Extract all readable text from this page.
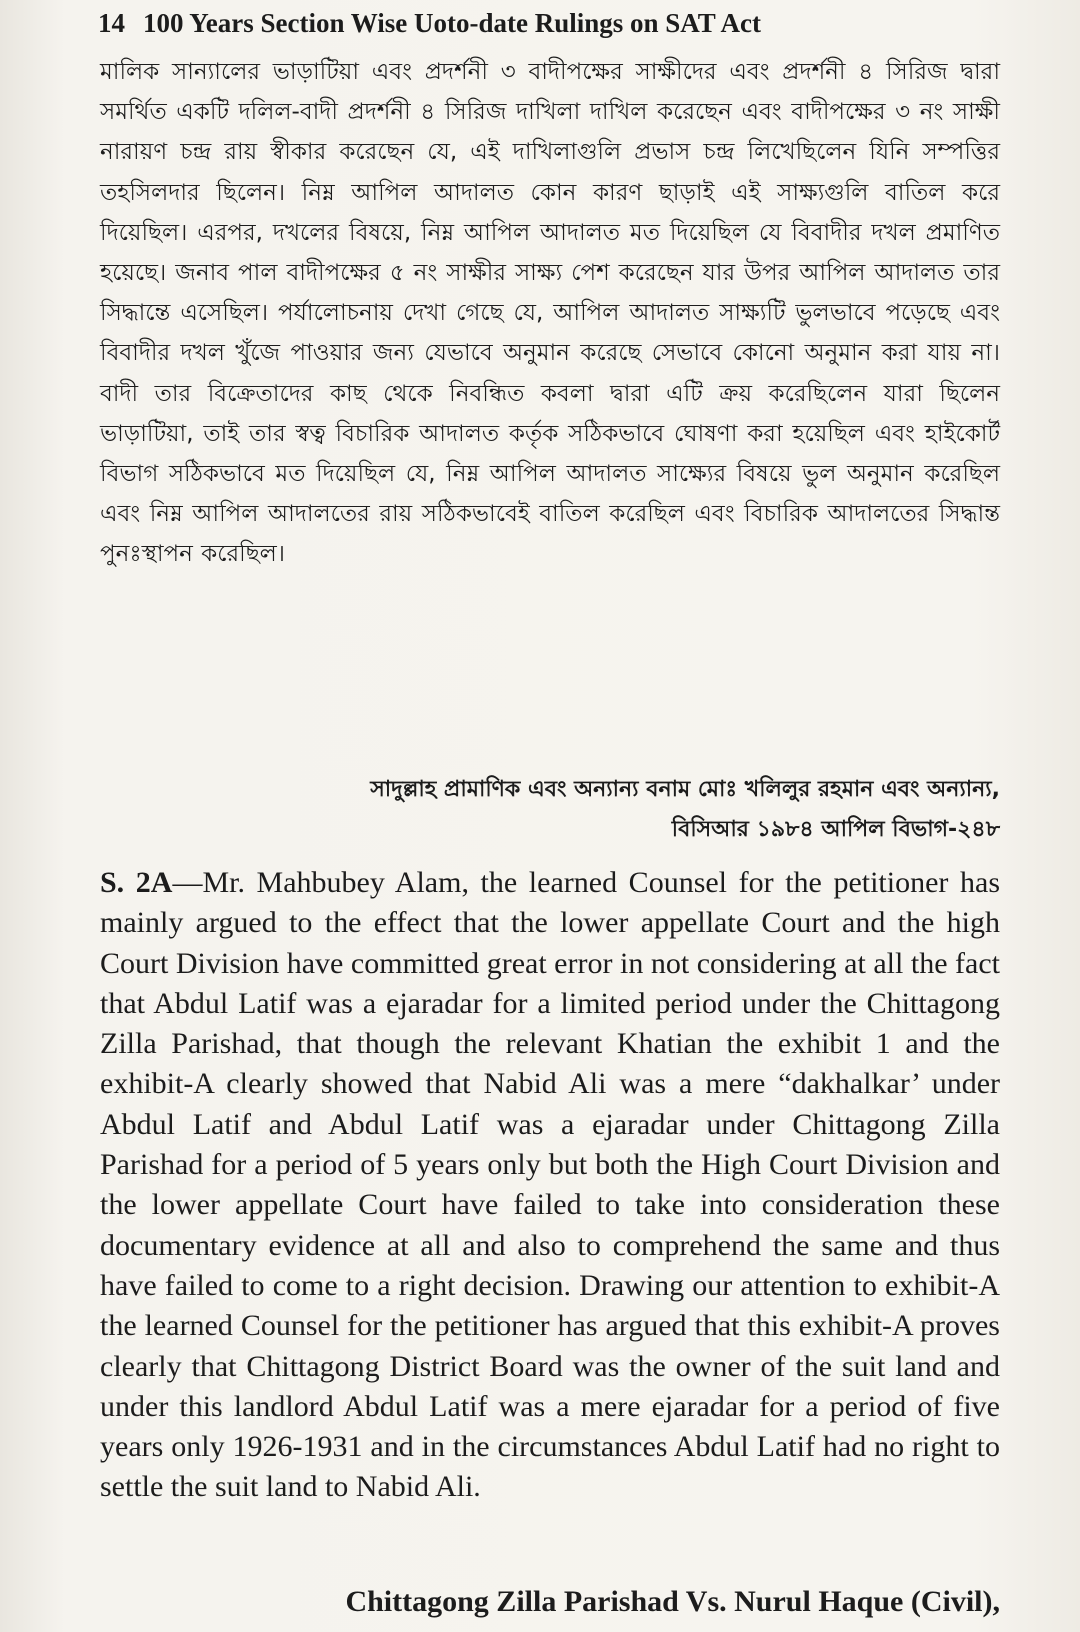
14 100 Years Section Wise Uoto-date Rulings on SAT Act

মালিক সান্যালের ভাড়াটিয়া এবং প্রদর্শনী ৩ বাদীপক্ষের সাক্ষীদের এবং প্রদর্শনী ৪ সিরিজ দ্বারা সমর্থিত একটি দলিল-বাদী প্রদর্শনী ৪ সিরিজ দাখিলা দাখিল করেছেন এবং বাদীপক্ষের ৩ নং সাক্ষী নারায়ণ চন্দ্র রায় স্বীকার করেছেন যে, এই দাখিলাগুলি প্রভাস চন্দ্র লিখেছিলেন যিনি সম্পত্তির তহসিলদার ছিলেন। নিম্ন আপিল আদালত কোন কারণ ছাড়াই এই সাক্ষ্যগুলি বাতিল করে দিয়েছিল। এরপর, দখলের বিষয়ে, নিম্ন আপিল আদালত মত দিয়েছিল যে বিবাদীর দখল প্রমাণিত হয়েছে। জনাব পাল বাদীপক্ষের ৫ নং সাক্ষীর সাক্ষ্য পেশ করেছেন যার উপর আপিল আদালত তার সিদ্ধান্তে এসেছিল। পর্যালোচনায় দেখা গেছে যে, আপিল আদালত সাক্ষ্যটি ভুলভাবে পড়েছে এবং বিবাদীর দখল খুঁজে পাওয়ার জন্য যেভাবে অনুমান করেছে সেভাবে কোনো অনুমান করা যায় না। বাদী তার বিক্রেতাদের কাছ থেকে নিবন্ধিত কবলা দ্বারা এটি ক্রয় করেছিলেন যারা ছিলেন ভাড়াটিয়া, তাই তার স্বত্ব বিচারিক আদালত কর্তৃক সঠিকভাবে ঘোষণা করা হয়েছিল এবং হাইকোর্ট বিভাগ সঠিকভাবে মত দিয়েছিল যে, নিম্ন আপিল আদালত সাক্ষ্যের বিষয়ে ভুল অনুমান করেছিল এবং নিম্ন আপিল আদালতের রায় সঠিকভাবেই বাতিল করেছিল এবং বিচারিক আদালতের সিদ্ধান্ত পুনঃস্থাপন করেছিল।

সাদুল্লাহ প্রামাণিক এবং অন্যান্য বনাম মোঃ খলিলুর রহমান এবং অন্যান্য,
বিসিআর ১৯৮৪ আপিল বিভাগ-২৪৮

S. 2A—Mr. Mahbubey Alam, the learned Counsel for the petitioner has mainly argued to the effect that the lower appellate Court and the high Court Division have committed great error in not considering at all the fact that Abdul Latif was a ejaradar for a limited period under the Chittagong Zilla Parishad, that though the relevant Khatian the exhibit 1 and the exhibit-A clearly showed that Nabid Ali was a mere “dakhalkar’ under Abdul Latif and Abdul Latif was a ejaradar under Chittagong Zilla Parishad for a period of 5 years only but both the High Court Division and the lower appellate Court have failed to take into consideration these documentary evidence at all and also to comprehend the same and thus have failed to come to a right decision. Drawing our attention to exhibit-A the learned Counsel for the petitioner has argued that this exhibit-A proves clearly that Chittagong District Board was the owner of the suit land and under this landlord Abdul Latif was a mere ejaradar for a period of five years only 1926-1931 and in the circumstances Abdul Latif had no right to settle the suit land to Nabid Ali.

Chittagong Zilla Parishad Vs. Nurul Haque (Civil),
